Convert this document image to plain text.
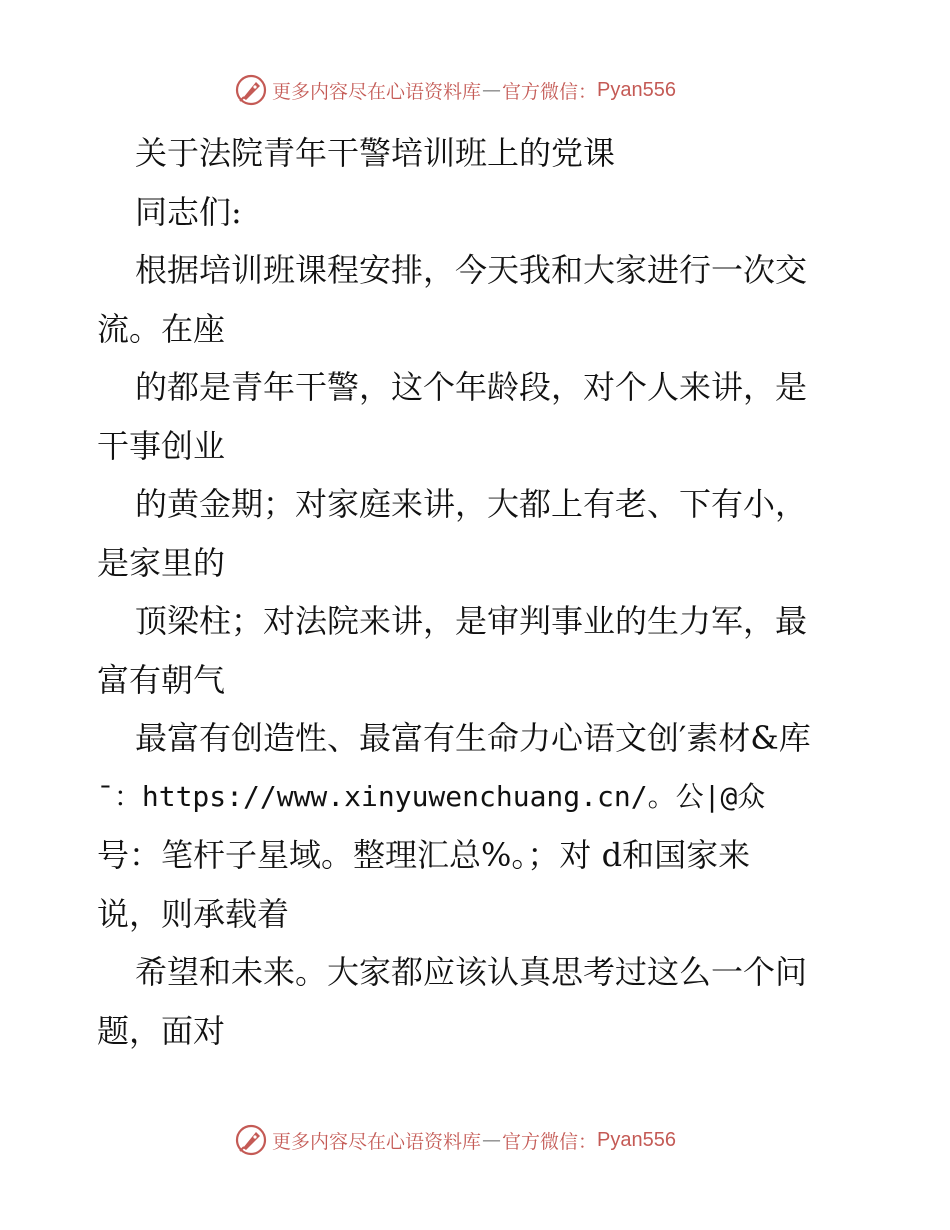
更多内容尽在心语资料库 — 官方微信： Pyan556
关于法院青年干警培训班上的党课
同志们:
根据培训班课程安排，今天我和大家进行一次交
流。在座
的都是青年干警，这个年龄段，对个人来讲，是
干事创业
的黄金期；对家庭来讲，大都上有老、下有小，
是家里的
顶梁柱；对法院来讲，是审判事业的生力军，最
富有朝气
最富有创造性、最富有生命力心语文创′素材&库
¯：https://www.xinyuwenchuang.cn/。公|@众
号：笔杆子星域。整理汇总%。；对 d和国家来
说，则承载着
希望和未来。大家都应该认真思考过这么一个问
题，面对
更多内容尽在心语资料库 — 官方微信： Pyan556
